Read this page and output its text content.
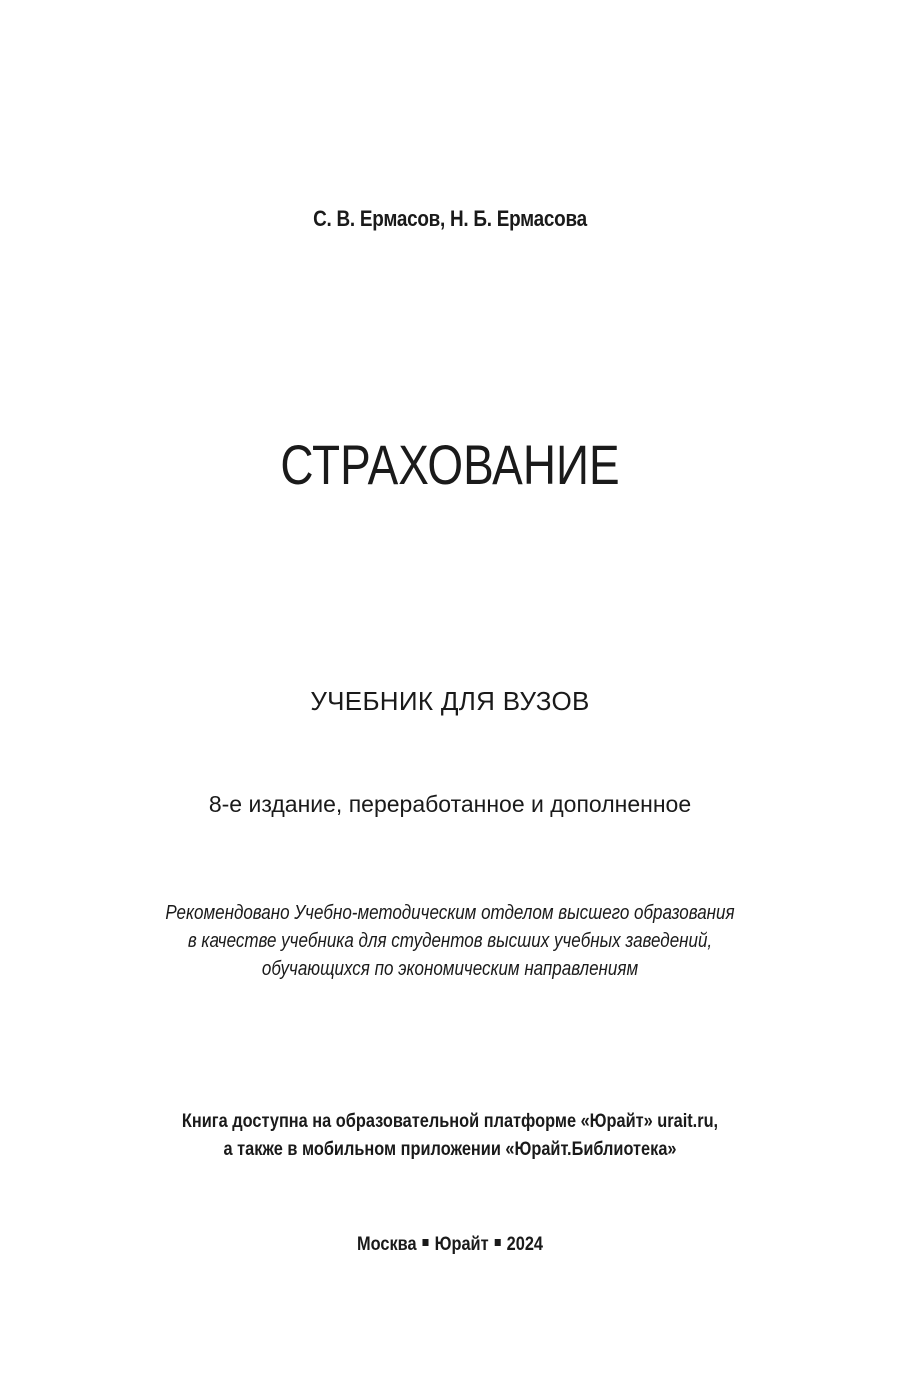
С. В. Ермасов, Н. Б. Ермасова
СТРАХОВАНИЕ
УЧЕБНИК ДЛЯ ВУЗОВ
8-е издание, переработанное и дополненное
Рекомендовано Учебно-методическим отделом высшего образования
в качестве учебника для студентов высших учебных заведений,
обучающихся по экономическим направлениям
Книга доступна на образовательной платформе «Юрайт» urait.ru,
а также в мобильном приложении «Юрайт.Библиотека»
Москва Юрайт 2024
